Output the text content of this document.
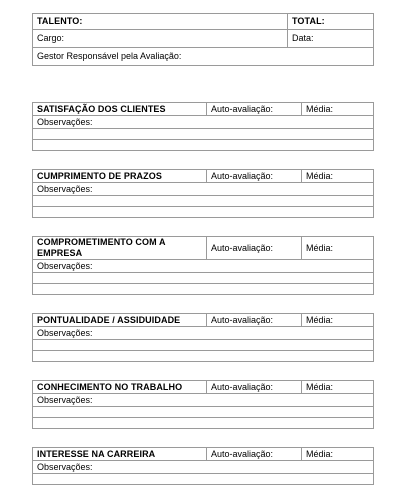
TALENTO:	TOTAL:
Cargo:	Data:
Gestor Responsável pela Avaliação:	
SATISFAÇÃO DOS CLIENTES	Auto-avaliação:	Média:
Observações:

CUMPRIMENTO DE PRAZOS	Auto-avaliação:	Média:
Observações:

COMPROMETIMENTO COM A EMPRESA	Auto-avaliação:	Média:
Observações:

PONTUALIDADE / ASSIDUIDADE	Auto-avaliação:	Média:
Observações:

CONHECIMENTO NO TRABALHO	Auto-avaliação:	Média:
Observações:

INTERESSE NA CARREIRA	Auto-avaliação:	Média:
Observações:
